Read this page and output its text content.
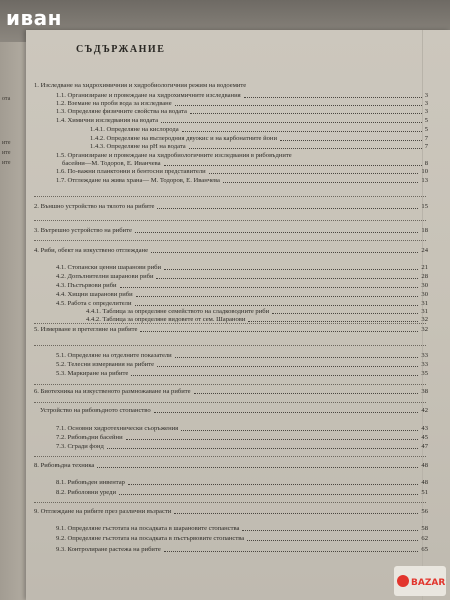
ота
ите
ите
ите
иван
СЪДЪРЖАНИЕ
1. Изследване на хидрохимичния и хидробиологичния режим на водоемите
1.1. Организиране и провеждане на хидрохимичните изследвания	3
1.2. Вземане на проби вода за изследване	3
1.3. Определяне физичните свойства на водата	3
1.4. Химични изследвания на водата	5
1.4.1. Определяне на кислорода	5
1.4.2. Определяне на въглеродния двуокис и на карбонатните йони	7
1.4.3. Определяне на рН на водата	7
1.5. Организиране и провеждане на хидробиологичните изследвания в рибовъдните
басейни—М. Тодоров, Е. Иванчева	8
1.6. По-важни планктонни и бентосни представители	10
1.7. Отглеждане на жива храна— М. Тодоров, Е. Иванчева	13
2. Външно устройство на тялото на рибите	15
3. Вътрешно устройство на рибите	18
4. Риби, обект на изкуствено отглеждане	24
4.1. Стопански ценни шаранови риби	21
4.2. Допълнителни шаранови риби	28
4.3. Пъстървови риби	30
4.4. Хищни шаранови риби	30
4.5. Работа с определители	31
4.4.1. Таблица за определяне семейството на сладководните риби	31
4.4.2. Таблица за определяне видовете от сем. Шаранови	32
5. Измерване и претегляне на рибите	32
5.1. Определяне на отделните показатели	33
5.2. Телесни измервания на рибите	33
5.3. Маркиране на рибите	35
6. Биотехника на изкуственото размножаване на рибите	38
Устройство на рибовъдното стопанство	42
7.1. Основни хидротехнически съоръжения	43
7.2. Рибовъдни басейни	45
7.3. Сгради фонд	47
8. Рибовъдна техника	48
8.1. Рибовъден инвентар	48
8.2. Риболовни уреди	51
9. Отглеждане на рибите през различни възрасти	56
9.1. Определяне гъстотата на посадката в шарановите стопанства	58
9.2. Определяне гъстотата на посадката в пъстървовите стопанства	62
9.3. Контролиране растежа на рибите	65
BAZAR
